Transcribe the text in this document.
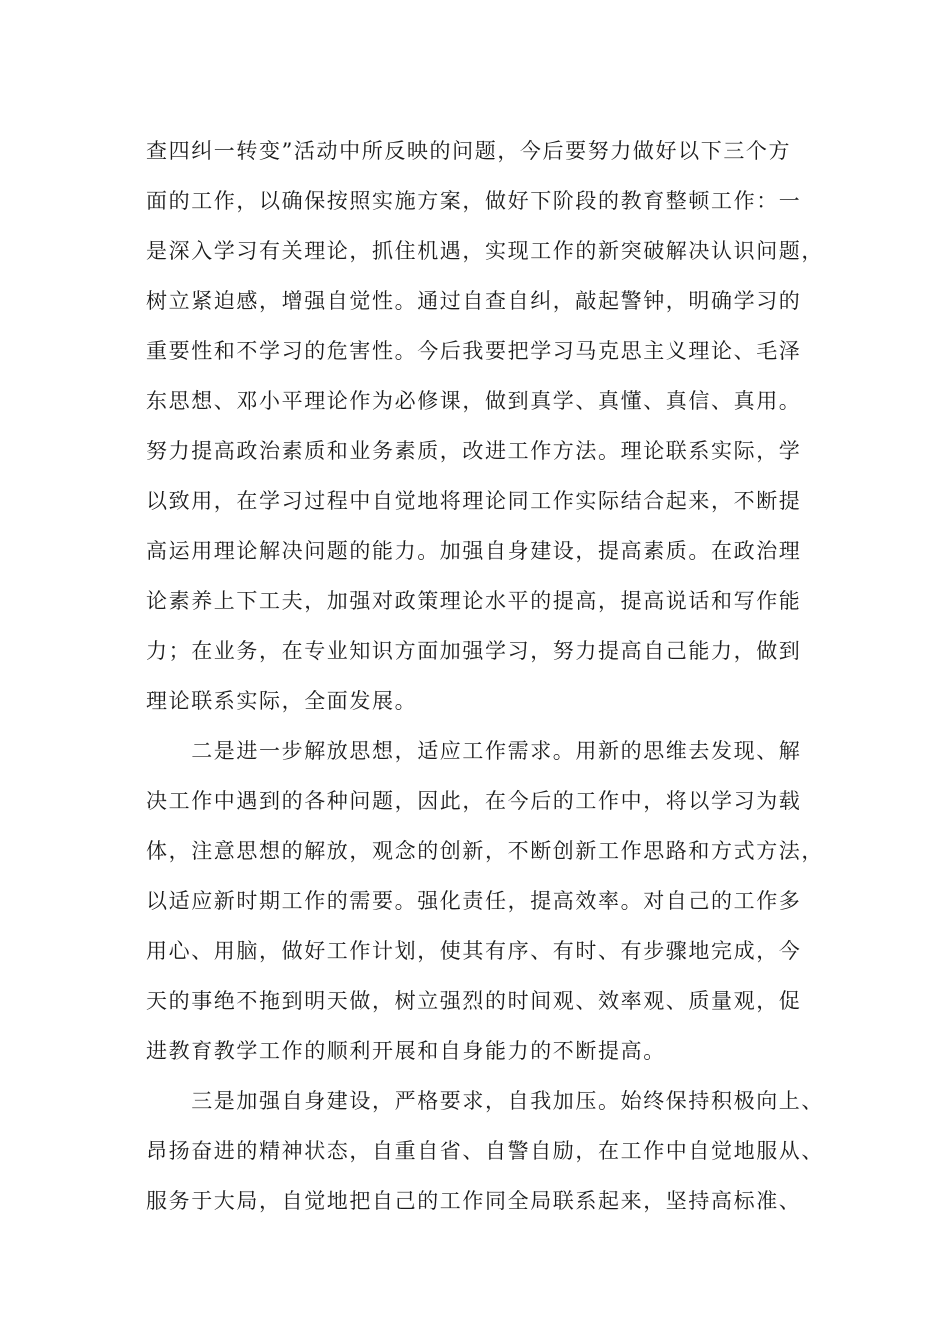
查四纠一转变”活动中所反映的问题，今后要努力做好以下三个方
面的工作，以确保按照实施方案，做好下阶段的教育整顿工作：一
是深入学习有关理论，抓住机遇，实现工作的新突破解决认识问题，
树立紧迫感，增强自觉性。通过自查自纠，敲起警钟，明确学习的
重要性和不学习的危害性。今后我要把学习马克思主义理论、毛泽
东思想、邓小平理论作为必修课，做到真学、真懂、真信、真用。
努力提高政治素质和业务素质，改进工作方法。理论联系实际，学
以致用，在学习过程中自觉地将理论同工作实际结合起来，不断提
高运用理论解决问题的能力。加强自身建设，提高素质。在政治理
论素养上下工夫，加强对政策理论水平的提高，提高说话和写作能
力；在业务，在专业知识方面加强学习，努力提高自己能力，做到
理论联系实际，全面发展。
　　二是进一步解放思想，适应工作需求。用新的思维去发现、解
决工作中遇到的各种问题，因此，在今后的工作中，将以学习为载
体，注意思想的解放，观念的创新，不断创新工作思路和方式方法，
以适应新时期工作的需要。强化责任，提高效率。对自己的工作多
用心、用脑，做好工作计划，使其有序、有时、有步骤地完成，今
天的事绝不拖到明天做，树立强烈的时间观、效率观、质量观，促
进教育教学工作的顺利开展和自身能力的不断提高。
　　三是加强自身建设，严格要求，自我加压。始终保持积极向上、
昂扬奋进的精神状态，自重自省、自警自励，在工作中自觉地服从、
服务于大局，自觉地把自己的工作同全局联系起来，坚持高标准、
